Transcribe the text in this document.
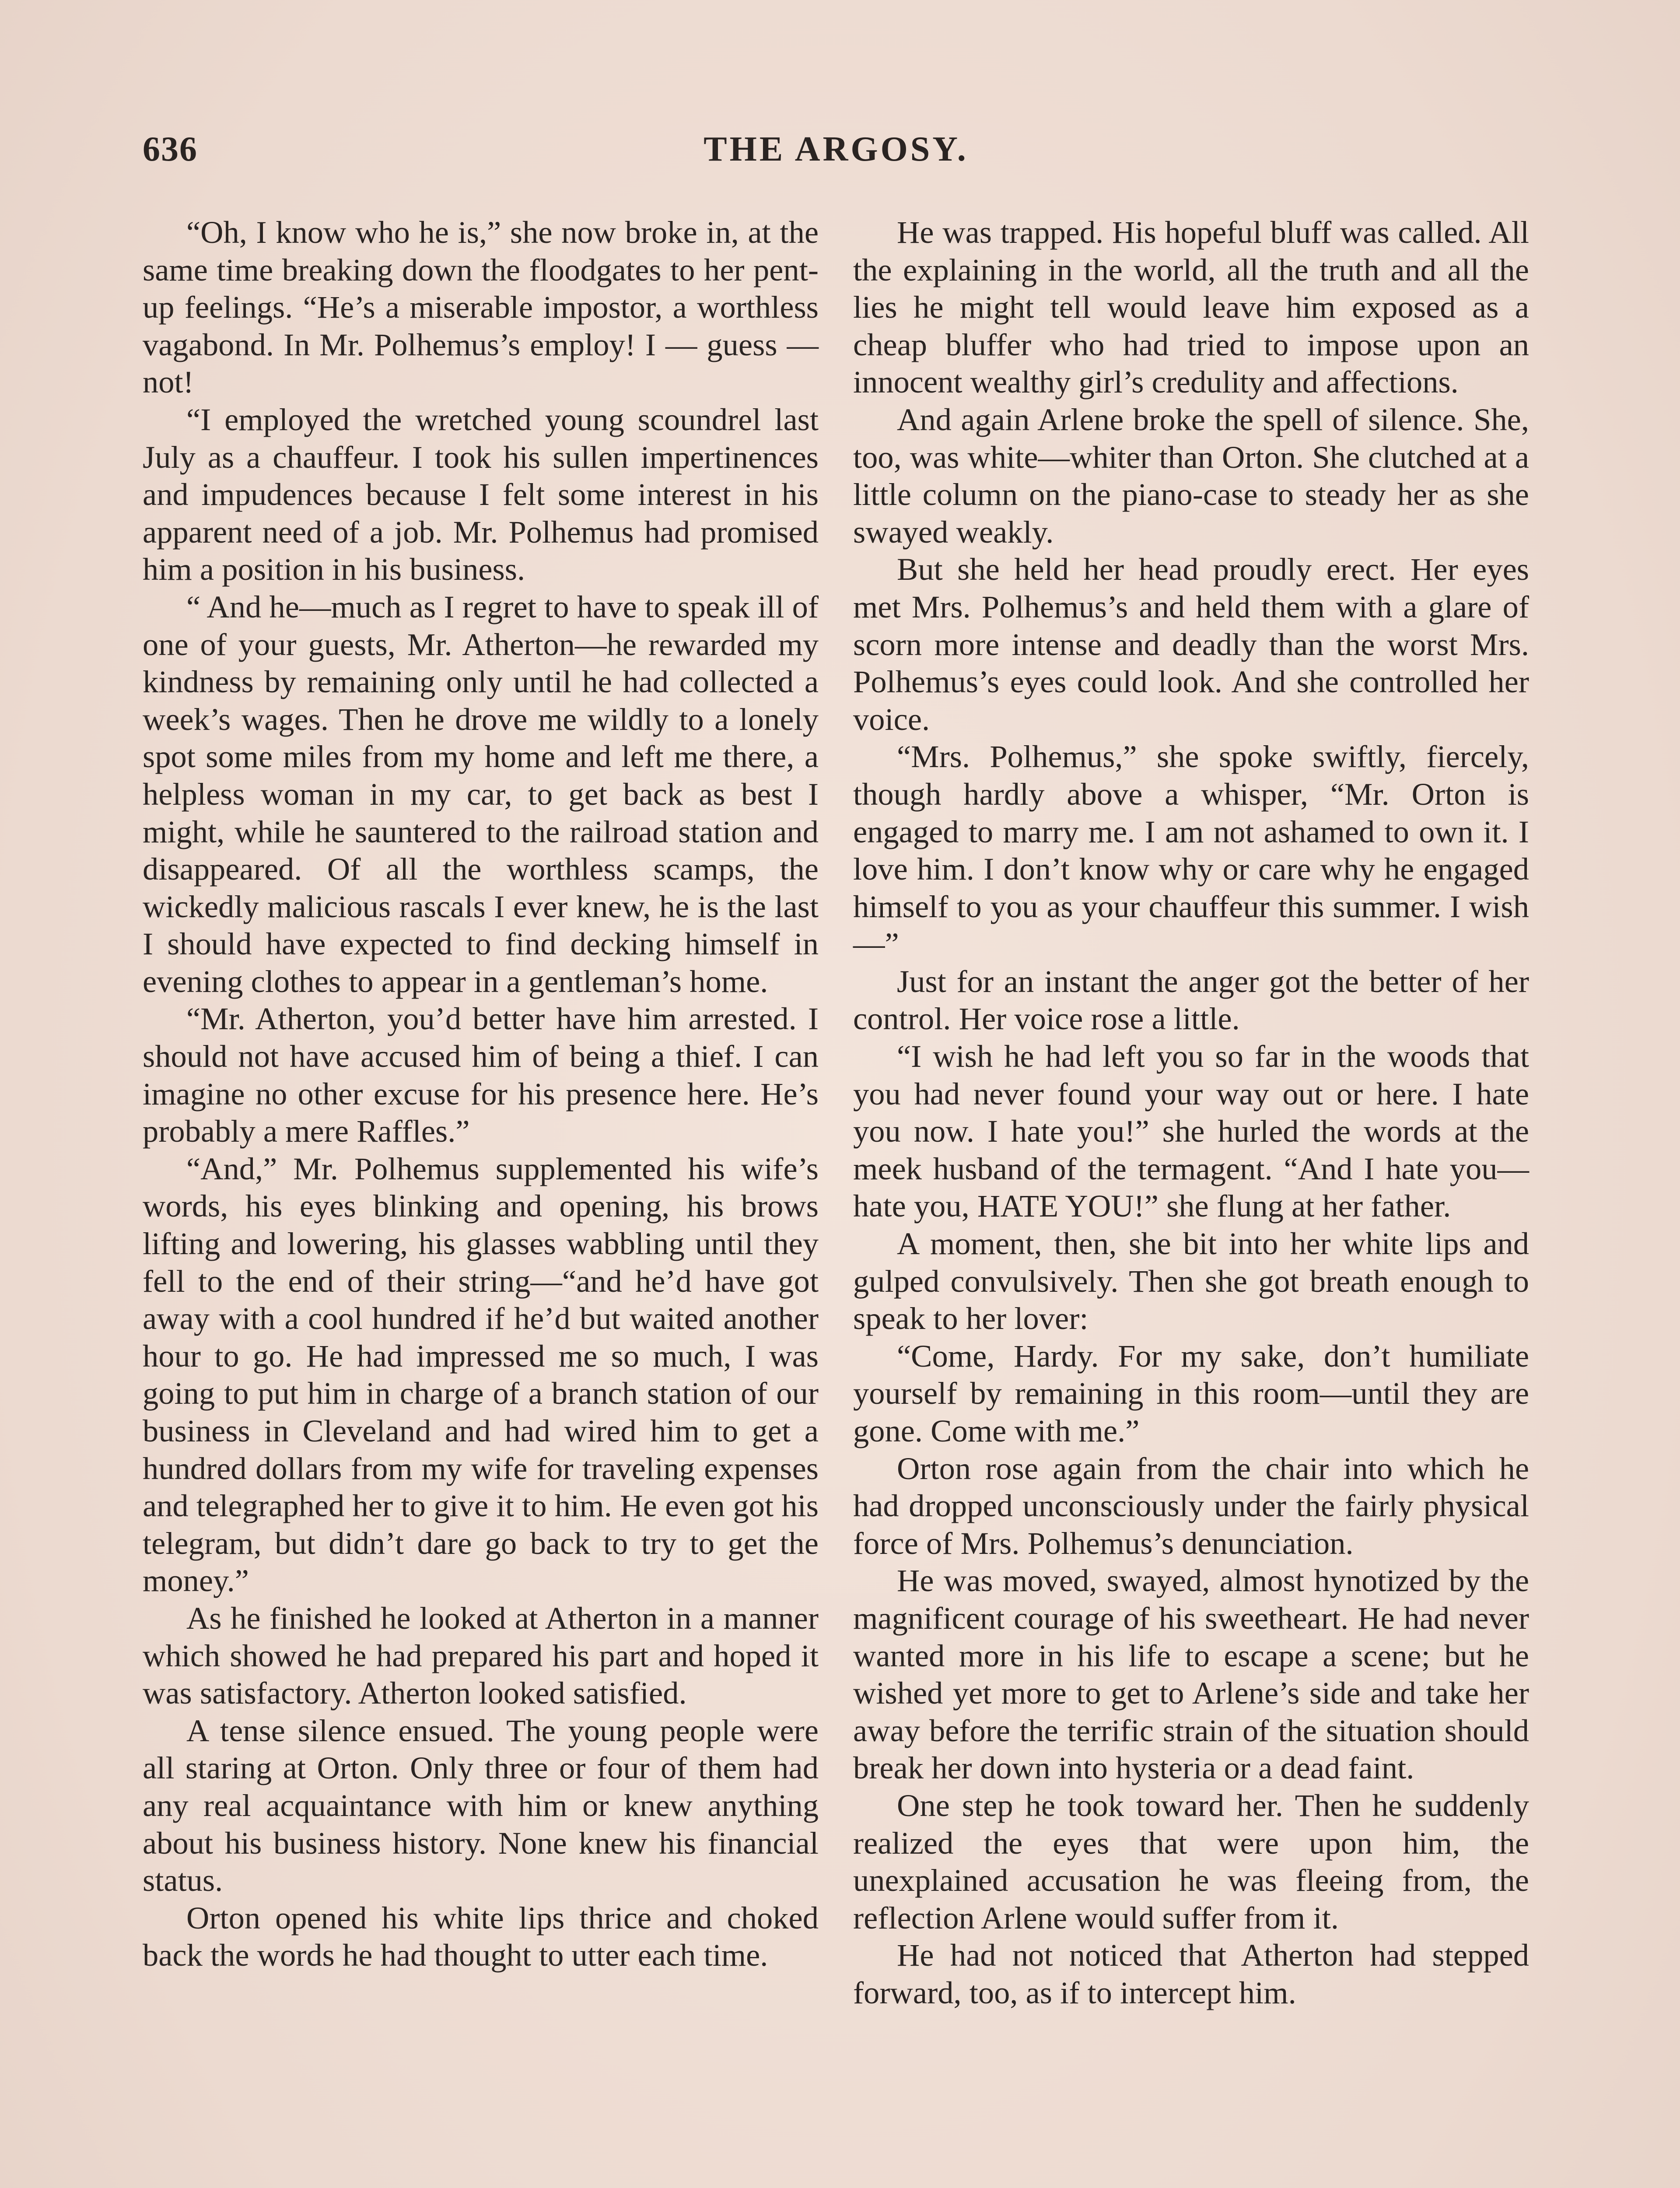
636	THE ARGOSY.

“Oh, I know who he is,” she now broke in, at the same time breaking down the floodgates to her pent-up feelings. “He’s a miserable impostor, a worthless vagabond. In Mr. Polhemus’s employ! I — guess — not!

“I employed the wretched young scoundrel last July as a chauffeur. I took his sullen impertinences and impudences because I felt some interest in his apparent need of a job. Mr. Polhemus had promised him a position in his business.

“ And he—much as I regret to have to speak ill of one of your guests, Mr. Atherton—he rewarded my kindness by remaining only until he had collected a week’s wages. Then he drove me wildly to a lonely spot some miles from my home and left me there, a helpless woman in my car, to get back as best I might, while he sauntered to the railroad station and disappeared. Of all the worthless scamps, the wickedly malicious rascals I ever knew, he is the last I should have expected to find decking himself in evening clothes to appear in a gentleman’s home.

“Mr. Atherton, you’d better have him arrested. I should not have accused him of being a thief. I can imagine no other excuse for his presence here. He’s probably a mere Raffles.”

“And,” Mr. Polhemus supplemented his wife’s words, his eyes blinking and opening, his brows lifting and lowering, his glasses wabbling until they fell to the end of their string—“and he’d have got away with a cool hundred if he’d but waited another hour to go. He had impressed me so much, I was going to put him in charge of a branch station of our business in Cleveland and had wired him to get a hundred dollars from my wife for traveling expenses and telegraphed her to give it to him. He even got his telegram, but didn’t dare go back to try to get the money.”

As he finished he looked at Atherton in a manner which showed he had prepared his part and hoped it was satisfactory. Atherton looked satisfied.

A tense silence ensued. The young people were all staring at Orton. Only three or four of them had any real acquaintance with him or knew anything about his business history. None knew his financial status.

Orton opened his white lips thrice and choked back the words he had thought to utter each time.

He was trapped. His hopeful bluff was called. All the explaining in the world, all the truth and all the lies he might tell would leave him exposed as a cheap bluffer who had tried to impose upon an innocent wealthy girl’s credulity and affections.

And again Arlene broke the spell of silence. She, too, was white—whiter than Orton. She clutched at a little column on the piano-case to steady her as she swayed weakly.

But she held her head proudly erect. Her eyes met Mrs. Polhemus’s and held them with a glare of scorn more intense and deadly than the worst Mrs. Polhemus’s eyes could look. And she controlled her voice.

“Mrs. Polhemus,” she spoke swiftly, fiercely, though hardly above a whisper, “Mr. Orton is engaged to marry me. I am not ashamed to own it. I love him. I don’t know why or care why he engaged himself to you as your chauffeur this summer. I wish—”

Just for an instant the anger got the better of her control. Her voice rose a little.

“I wish he had left you so far in the woods that you had never found your way out or here. I hate you now. I hate you!” she hurled the words at the meek husband of the termagent. “And I hate you—hate you, HATE YOU!” she flung at her father.

A moment, then, she bit into her white lips and gulped convulsively. Then she got breath enough to speak to her lover:

“Come, Hardy. For my sake, don’t humiliate yourself by remaining in this room—until they are gone. Come with me.”

Orton rose again from the chair into which he had dropped unconsciously under the fairly physical force of Mrs. Polhemus’s denunciation.

He was moved, swayed, almost hynotized by the magnificent courage of his sweetheart. He had never wanted more in his life to escape a scene; but he wished yet more to get to Arlene’s side and take her away before the terrific strain of the situation should break her down into hysteria or a dead faint.

One step he took toward her. Then he suddenly realized the eyes that were upon him, the unexplained accusation he was fleeing from, the reflection Arlene would suffer from it.

He had not noticed that Atherton had stepped forward, too, as if to intercept him.
